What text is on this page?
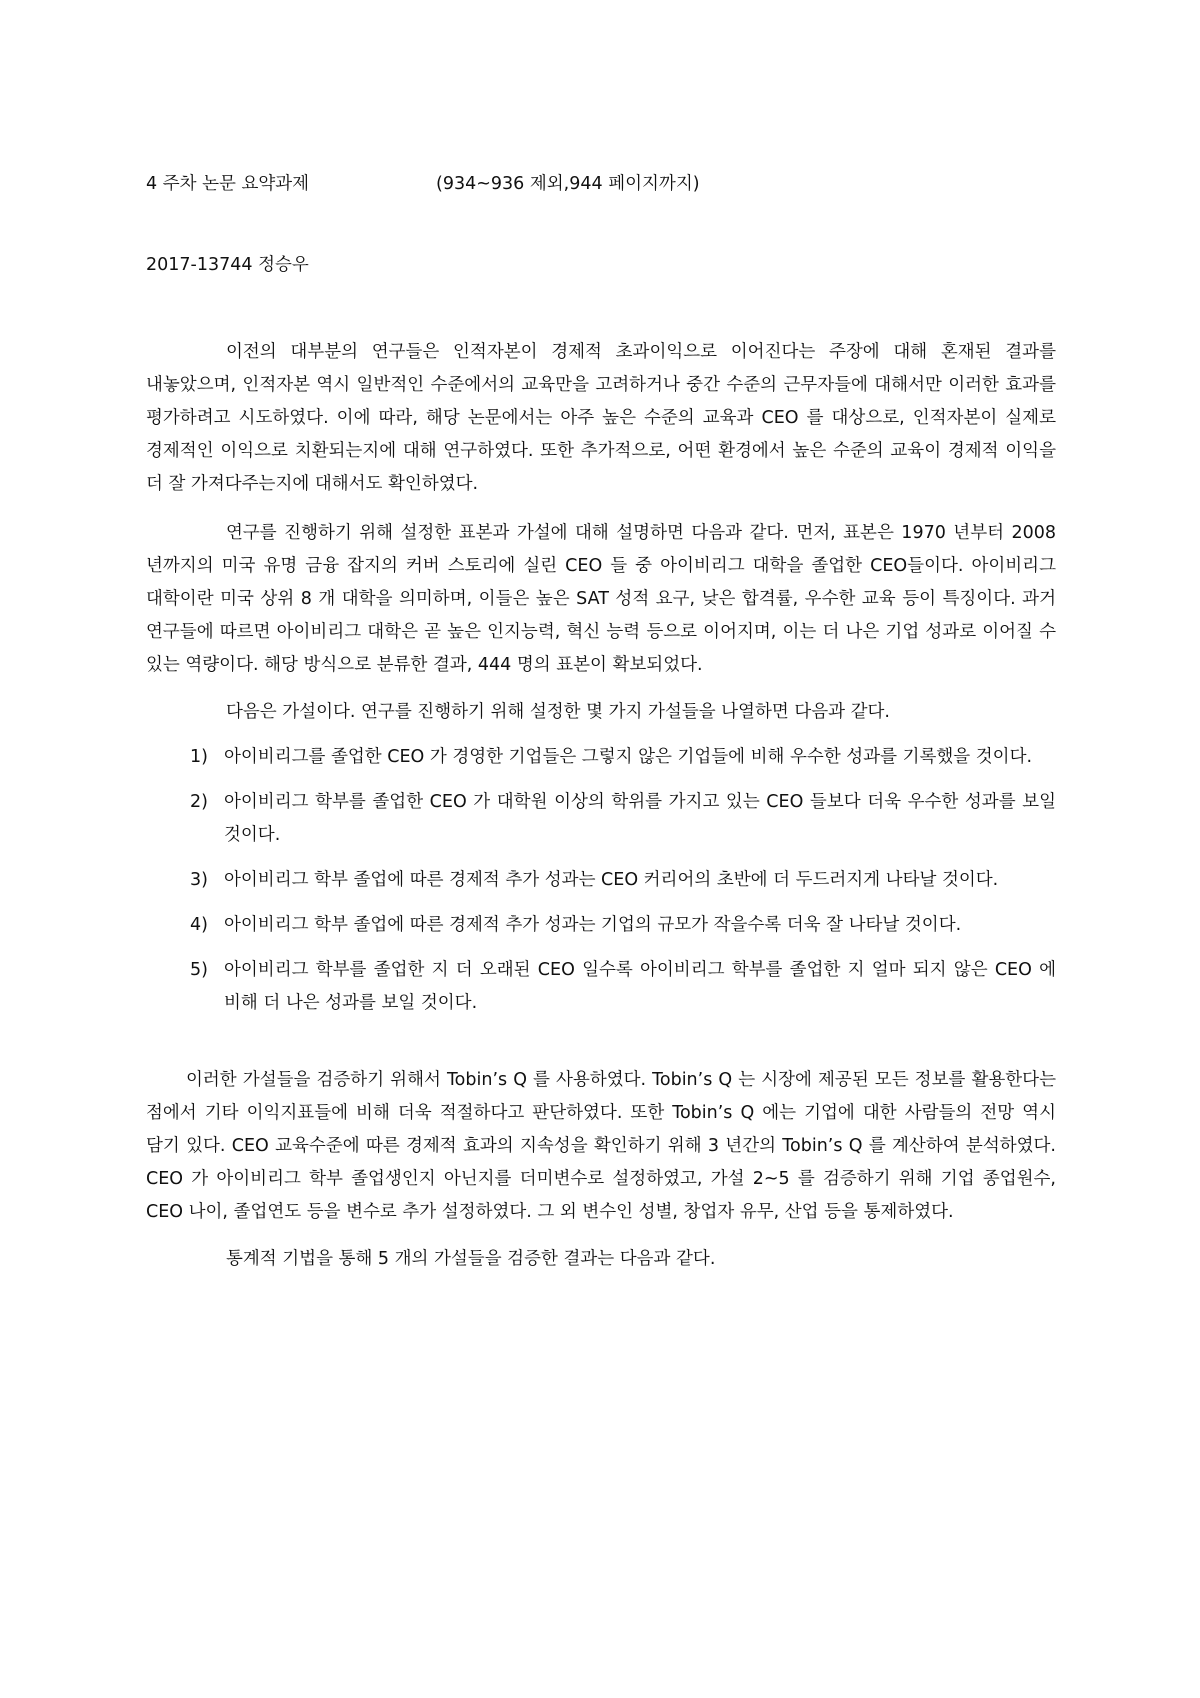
4 주차 논문 요약과제	(934~936 제외,944 페이지까지)
2017-13744 정승우

이전의 대부분의 연구들은 인적자본이 경제적 초과이익으로 이어진다는 주장에 대해 혼재된 결과를 내놓았으며, 인적자본 역시 일반적인 수준에서의 교육만을 고려하거나 중간 수준의 근무자들에 대해서만 이러한 효과를 평가하려고 시도하였다. 이에 따라, 해당 논문에서는 아주 높은 수준의 교육과 CEO 를 대상으로, 인적자본이 실제로 경제적인 이익으로 치환되는지에 대해 연구하였다. 또한 추가적으로, 어떤 환경에서 높은 수준의 교육이 경제적 이익을 더 잘 가져다주는지에 대해서도 확인하였다.

연구를 진행하기 위해 설정한 표본과 가설에 대해 설명하면 다음과 같다. 먼저, 표본은 1970 년부터 2008 년까지의 미국 유명 금융 잡지의 커버 스토리에 실린 CEO 들 중 아이비리그 대학을 졸업한 CEO들이다. 아이비리그 대학이란 미국 상위 8 개 대학을 의미하며, 이들은 높은 SAT 성적 요구, 낮은 합격률, 우수한 교육 등이 특징이다. 과거 연구들에 따르면 아이비리그 대학은 곧 높은 인지능력, 혁신 능력 등으로 이어지며, 이는 더 나은 기업 성과로 이어질 수 있는 역량이다. 해당 방식으로 분류한 결과, 444 명의 표본이 확보되었다.

다음은 가설이다. 연구를 진행하기 위해 설정한 몇 가지 가설들을 나열하면 다음과 같다.

1) 아이비리그를 졸업한 CEO 가 경영한 기업들은 그렇지 않은 기업들에 비해 우수한 성과를 기록했을 것이다.
2) 아이비리그 학부를 졸업한 CEO 가 대학원 이상의 학위를 가지고 있는 CEO 들보다 더욱 우수한 성과를 보일 것이다.
3) 아이비리그 학부 졸업에 따른 경제적 추가 성과는 CEO 커리어의 초반에 더 두드러지게 나타날 것이다.
4) 아이비리그 학부 졸업에 따른 경제적 추가 성과는 기업의 규모가 작을수록 더욱 잘 나타날 것이다.
5) 아이비리그 학부를 졸업한 지 더 오래된 CEO 일수록 아이비리그 학부를 졸업한 지 얼마 되지 않은 CEO 에 비해 더 나은 성과를 보일 것이다.

이러한 가설들을 검증하기 위해서 Tobin’s Q 를 사용하였다. Tobin’s Q 는 시장에 제공된 모든 정보를 활용한다는 점에서 기타 이익지표들에 비해 더욱 적절하다고 판단하였다. 또한 Tobin’s Q 에는 기업에 대한 사람들의 전망 역시 담기 있다. CEO 교육수준에 따른 경제적 효과의 지속성을 확인하기 위해 3 년간의 Tobin’s Q 를 계산하여 분석하였다. CEO 가 아이비리그 학부 졸업생인지 아닌지를 더미변수로 설정하였고, 가설 2~5 를 검증하기 위해 기업 종업원수, CEO 나이, 졸업연도 등을 변수로 추가 설정하였다. 그 외 변수인 성별, 창업자 유무, 산업 등을 통제하였다.

통계적 기법을 통해 5 개의 가설들을 검증한 결과는 다음과 같다.
